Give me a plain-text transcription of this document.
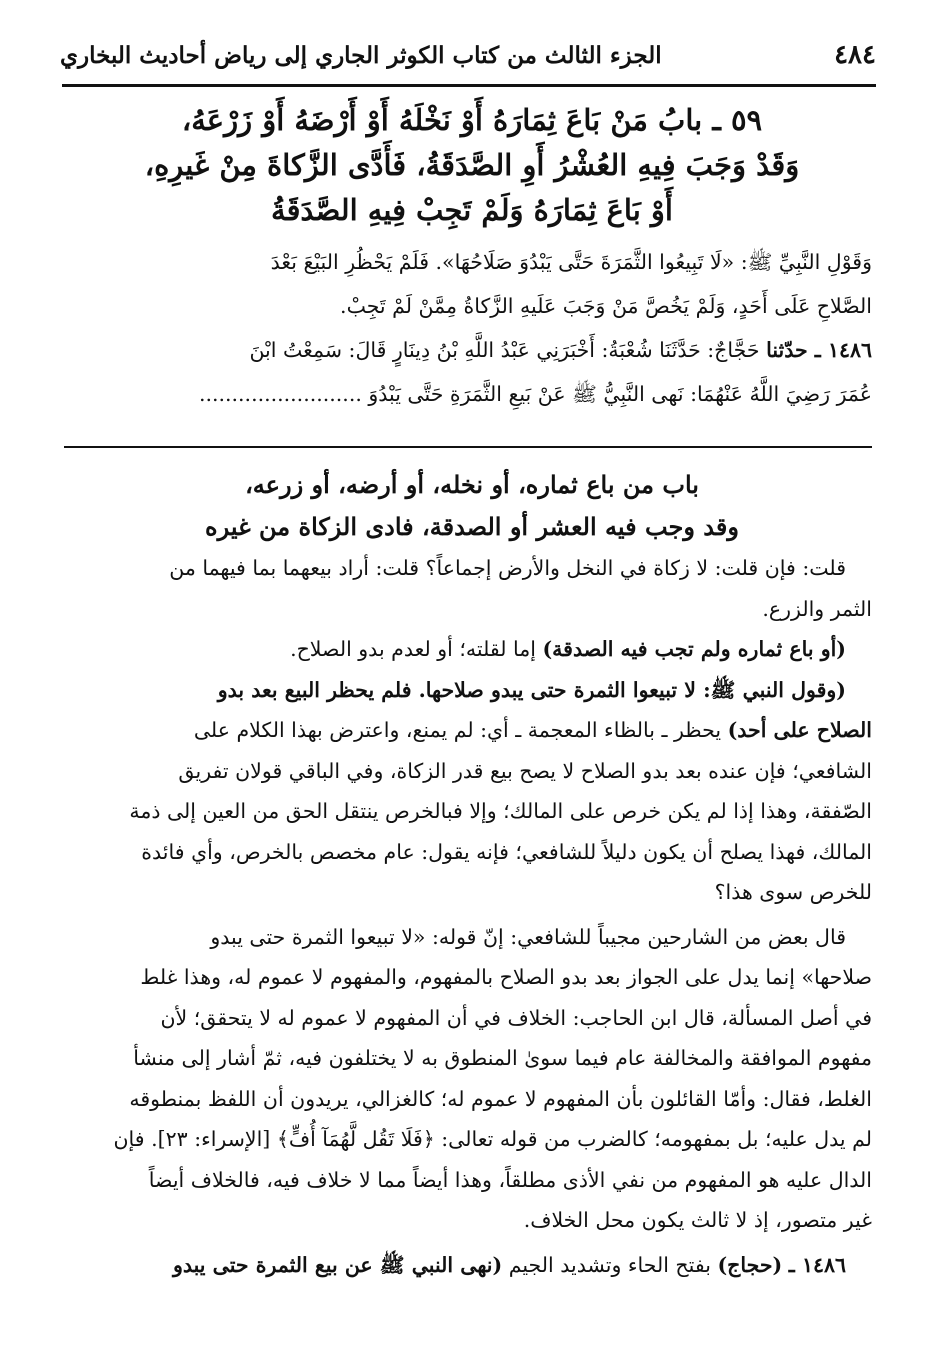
٤٨٤
الجزء الثالث من كتاب الكوثر الجاري إلى رياض أحاديث البخاري
٥٩ ـ بابُ مَنْ بَاعَ ثِمَارَهُ أَوْ نَخْلَهُ أَوْ أَرْضَهُ أَوْ زَرْعَهُ،
وَقَدْ وَجَبَ فِيهِ العُشْرُ أَوِ الصَّدَقَةُ، فَأَدَّى الزَّكاةَ مِنْ غَيرِهِ،
أَوْ بَاعَ ثِمَارَهُ وَلَمْ تَجِبْ فِيهِ الصَّدَقَةُ
وَقَوْلِ النَّبِيِّ ﷺ: «لَا تَبِيعُوا الثَّمَرَةَ حَتَّى يَبْدُوَ صَلَاحُهَا». فَلَمْ يَحْظُرِ البَيْعَ بَعْدَ
الصَّلاحِ عَلَى أَحَدٍ، وَلَمْ يَخُصَّ مَنْ وَجَبَ عَلَيهِ الزَّكاةُ مِمَّنْ لَمْ تَجِبْ.
١٤٨٦ ـ حدّثنا حَجَّاجٌ: حَدَّثَنَا شُعْبَةُ: أَخْبَرَنِي عَبْدُ اللَّهِ بْنُ دِينَارٍ قَالَ: سَمِعْتُ ابْنَ
عُمَرَ رَضِيَ اللَّهُ عَنْهُمَا: نَهى النَّبِيُّ ﷺ عَنْ بَيعِ الثَّمَرَةِ حَتَّى يَبْدُوَ .........................
باب من باع ثماره، أو نخله، أو أرضه، أو زرعه،
وقد وجب فيه العشر أو الصدقة، فادى الزكاة من غيره
قلت: فإن قلت: لا زكاة في النخل والأرض إجماعاً؟ قلت: أراد بيعهما بما فيهما من
الثمر والزرع.
(أو باع ثماره ولم تجب فيه الصدقة) إما لقلته؛ أو لعدم بدو الصلاح.
(وقول النبي ﷺ: لا تبيعوا الثمرة حتى يبدو صلاحها. فلم يحظر البيع بعد بدو
الصلاح على أحد) يحظر ـ بالظاء المعجمة ـ أي: لم يمنع، واعترض بهذا الكلام على
الشافعي؛ فإن عنده بعد بدو الصلاح لا يصح بيع قدر الزكاة، وفي الباقي قولان تفريق
الصّفقة، وهذا إذا لم يكن خرص على المالك؛ وإلا فبالخرص ينتقل الحق من العين إلى ذمة
المالك، فهذا يصلح أن يكون دليلاً للشافعي؛ فإنه يقول: عام مخصص بالخرص، وأي فائدة
للخرص سوى هذا؟
قال بعض من الشارحين مجيباً للشافعي: إنّ قوله: «لا تبيعوا الثمرة حتى يبدو
صلاحها» إنما يدل على الجواز بعد بدو الصلاح بالمفهوم، والمفهوم لا عموم له، وهذا غلط
في أصل المسألة، قال ابن الحاجب: الخلاف في أن المفهوم لا عموم له لا يتحقق؛ لأن
مفهوم الموافقة والمخالفة عام فيما سوىٰ المنطوق به لا يختلفون فيه، ثمّ أشار إلى منشأ
الغلط، فقال: وأمّا القائلون بأن المفهوم لا عموم له؛ كالغزالي، يريدون أن اللفظ بمنطوقه
لم يدل عليه؛ بل بمفهومه؛ كالضرب من قوله تعالى: ﴿فَلَا تَقُل لَّهُمَآ أُفٍّ﴾ [الإسراء: ٢٣]. فإن
الدال عليه هو المفهوم من نفي الأذى مطلقاً، وهذا أيضاً مما لا خلاف فيه، فالخلاف أيضاً
غير متصور، إذ لا ثالث يكون محل الخلاف.
١٤٨٦ ـ (حجاج) بفتح الحاء وتشديد الجيم (نهى النبي ﷺ عن بيع الثمرة حتى يبدو
